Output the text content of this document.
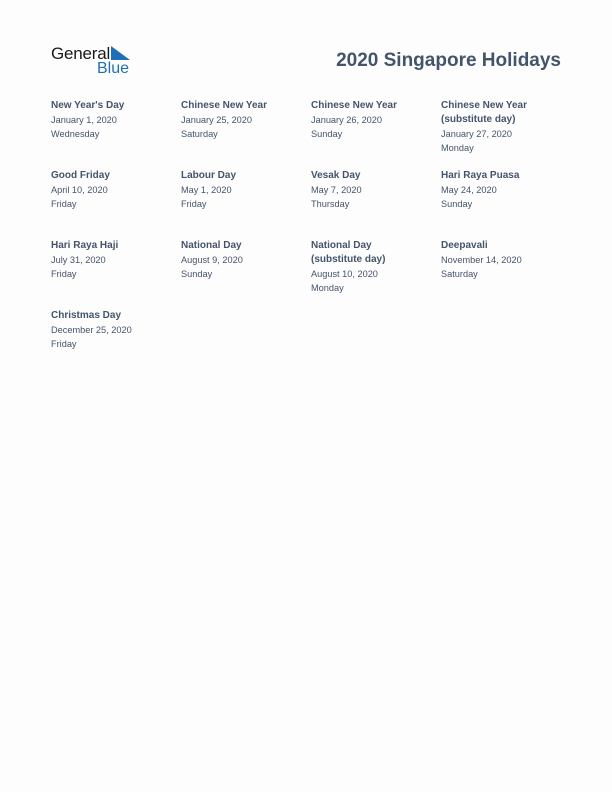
General
Blue	2020 Singapore Holidays
New Year's Day
January 1, 2020
Wednesday
Chinese New Year
January 25, 2020
Saturday
Chinese New Year
January 26, 2020
Sunday
Chinese New Year
(substitute day)
January 27, 2020
Monday
Good Friday
April 10, 2020
Friday
Labour Day
May 1, 2020
Friday
Vesak Day
May 7, 2020
Thursday
Hari Raya Puasa
May 24, 2020
Sunday
Hari Raya Haji
July 31, 2020
Friday
National Day
August 9, 2020
Sunday
National Day
(substitute day)
August 10, 2020
Monday
Deepavali
November 14, 2020
Saturday
Christmas Day
December 25, 2020
Friday
